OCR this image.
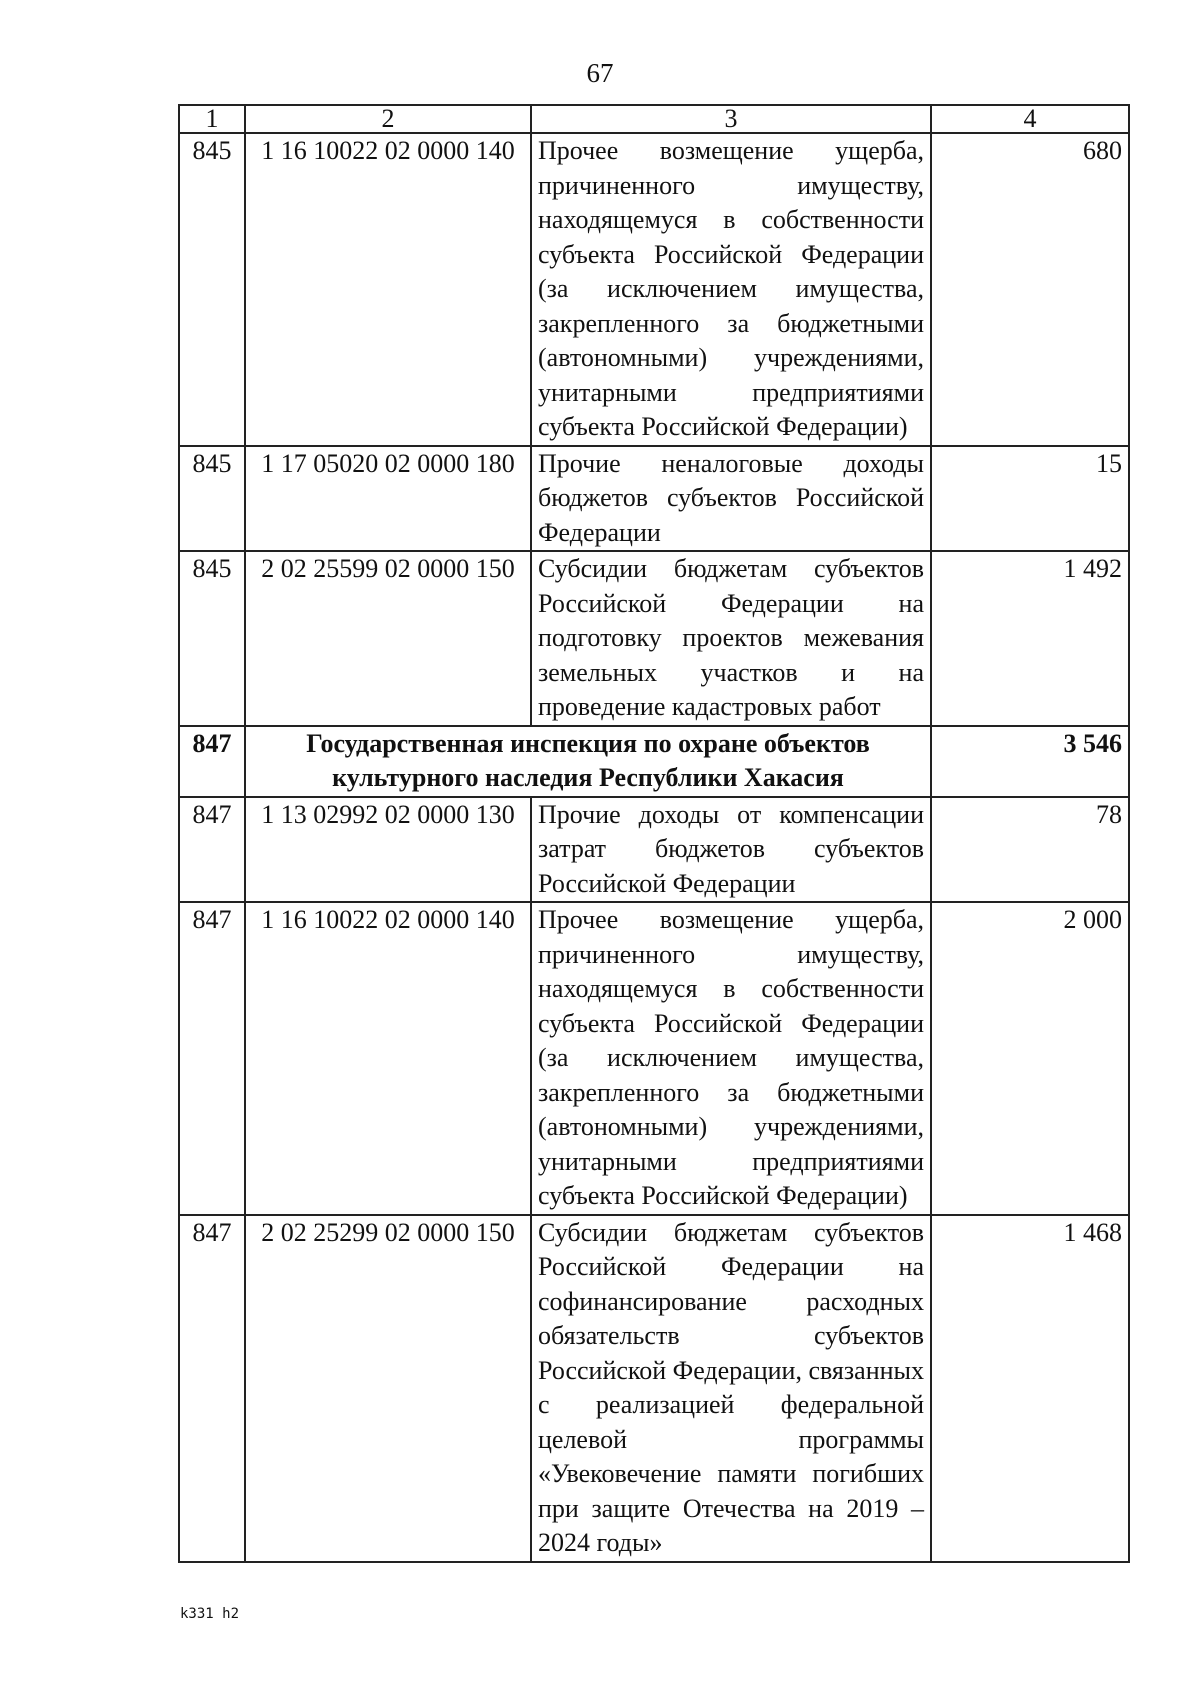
67
1	2	3	4
845	1 16 10022 02 0000 140	Прочее возмещение ущерба, причиненного имуществу, находящемуся в собственности субъекта Российской Федерации (за исключением имущества, закрепленного за бюджетными (автономными) учреждениями, унитарными предприятиями субъекта Российской Федерации)	680
845	1 17 05020 02 0000 180	Прочие неналоговые доходы бюджетов субъектов Российской Федерации	15
845	2 02 25599 02 0000 150	Субсидии бюджетам субъектов Российской Федерации на подготовку проектов межевания земельных участков и на проведение кадастровых работ	1 492
847	Государственная инспекция по охране объектов культурного наследия Республики Хакасия		3 546
847	1 13 02992 02 0000 130	Прочие доходы от компенсации затрат бюджетов субъектов Российской Федерации	78
847	1 16 10022 02 0000 140	Прочее возмещение ущерба, причиненного имуществу, находящемуся в собственности субъекта Российской Федерации (за исключением имущества, закрепленного за бюджетными (автономными) учреждениями, унитарными предприятиями субъекта Российской Федерации)	2 000
847	2 02 25299 02 0000 150	Субсидии бюджетам субъектов Российской Федерации на софинансирование расходных обязательств субъектов Российской Федерации, связанных с реализацией федеральной целевой программы «Увековечение памяти погибших при защите Отечества на 2019 – 2024 годы»	1 468
k331 h2
